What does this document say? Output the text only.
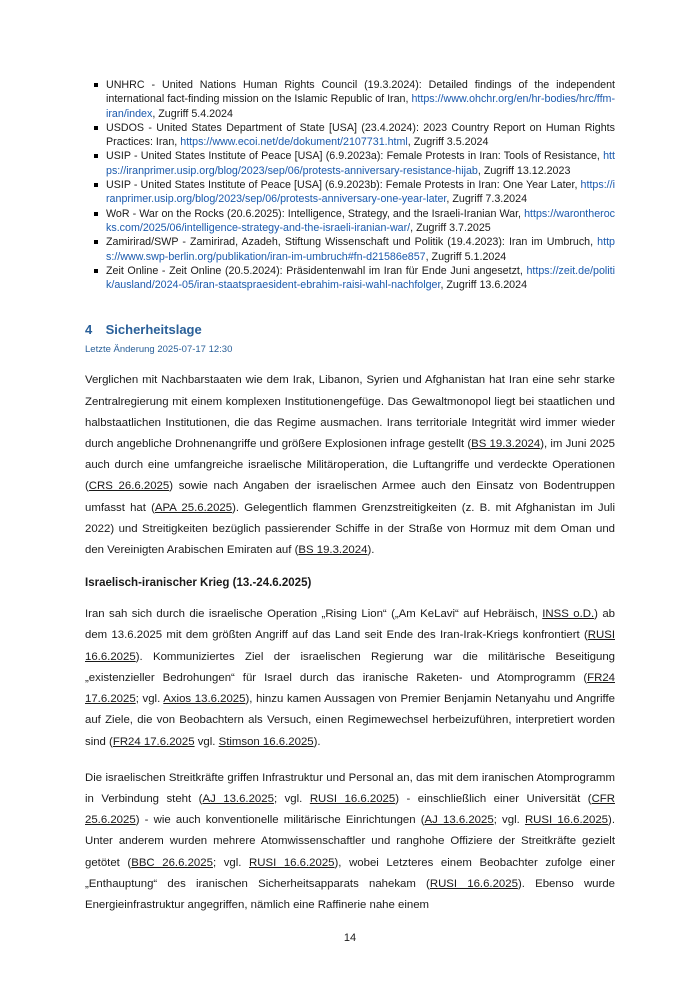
UNHRC - United Nations Human Rights Council (19.3.2024): Detailed findings of the independent international fact-finding mission on the Islamic Republic of Iran, https://www.ohchr.org/en/hr-bodies/hrc/ffm-iran/index, Zugriff 5.4.2024
USDOS - United States Department of State [USA] (23.4.2024): 2023 Country Report on Human Rights Practices: Iran, https://www.ecoi.net/de/dokument/2107731.html, Zugriff 3.5.2024
USIP - United States Institute of Peace [USA] (6.9.2023a): Female Protests in Iran: Tools of Resistance, https://iranprimer.usip.org/blog/2023/sep/06/protests-anniversary-resistance-hijab, Zugriff 13.12.2023
USIP - United States Institute of Peace [USA] (6.9.2023b): Female Protests in Iran: One Year Later, https://iranprimer.usip.org/blog/2023/sep/06/protests-anniversary-one-year-later, Zugriff 7.3.2024
WoR - War on the Rocks (20.6.2025): Intelligence, Strategy, and the Israeli-Iranian War, https://warontherocks.com/2025/06/intelligence-strategy-and-the-israeli-iranian-war/, Zugriff 3.7.2025
Zamirirad/SWP - Zamirirad, Azadeh, Stiftung Wissenschaft und Politik (19.4.2023): Iran im Umbruch, https://www.swp-berlin.org/publikation/iran-im-umbruch#fn-d21586e857, Zugriff 5.1.2024
Zeit Online - Zeit Online (20.5.2024): Präsidentenwahl im Iran für Ende Juni angesetzt, https://zeit.de/politik/ausland/2024-05/iran-staatspraesident-ebrahim-raisi-wahl-nachfolger, Zugriff 13.6.2024
4 Sicherheitslage
Letzte Änderung 2025-07-17 12:30

Verglichen mit Nachbarstaaten wie dem Irak, Libanon, Syrien und Afghanistan hat Iran eine sehr starke Zentralregierung mit einem komplexen Institutionengefüge. Das Gewaltmonopol liegt bei staatlichen und halbstaatlichen Institutionen, die das Regime ausmachen. Irans territoriale Integrität wird immer wieder durch angebliche Drohnenangriffe und größere Explosionen infrage gestellt (BS 19.3.2024), im Juni 2025 auch durch eine umfangreiche israelische Militäroperation, die Luftangriffe und verdeckte Operationen (CRS 26.6.2025) sowie nach Angaben der israelischen Armee auch den Einsatz von Bodentruppen umfasst hat (APA 25.6.2025). Gelegentlich flammen Grenzstreitigkeiten (z. B. mit Afghanistan im Juli 2022) und Streitigkeiten bezüglich passierender Schiffe in der Straße von Hormuz mit dem Oman und den Vereinigten Arabischen Emiraten auf (BS 19.3.2024).

Israelisch-iranischer Krieg (13.-24.6.2025)

Iran sah sich durch die israelische Operation „Rising Lion“ („Am KeLavi“ auf Hebräisch, INSS o.D.) ab dem 13.6.2025 mit dem größten Angriff auf das Land seit Ende des Iran-Irak-Kriegs konfrontiert (RUSI 16.6.2025). Kommuniziertes Ziel der israelischen Regierung war die militärische Beseitigung „existenzieller Bedrohungen“ für Israel durch das iranische Raketen- und Atomprogramm (FR24 17.6.2025; vgl. Axios 13.6.2025), hinzu kamen Aussagen von Premier Benjamin Netanyahu und Angriffe auf Ziele, die von Beobachtern als Versuch, einen Regimewechsel herbeizuführen, interpretiert worden sind (FR24 17.6.2025 vgl. Stimson 16.6.2025).

Die israelischen Streitkräfte griffen Infrastruktur und Personal an, das mit dem iranischen Atomprogramm in Verbindung steht (AJ 13.6.2025; vgl. RUSI 16.6.2025) - einschließlich einer Universität (CFR 25.6.2025) - wie auch konventionelle militärische Einrichtungen (AJ 13.6.2025; vgl. RUSI 16.6.2025). Unter anderem wurden mehrere Atomwissenschaftler und ranghohe Offiziere der Streitkräfte gezielt getötet (BBC 26.6.2025; vgl. RUSI 16.6.2025), wobei Letzteres einem Beobachter zufolge einer „Enthauptung“ des iranischen Sicherheitsapparats nahekam (RUSI 16.6.2025). Ebenso wurde Energieinfrastruktur angegriffen, nämlich eine Raffinerie nahe einem

14
